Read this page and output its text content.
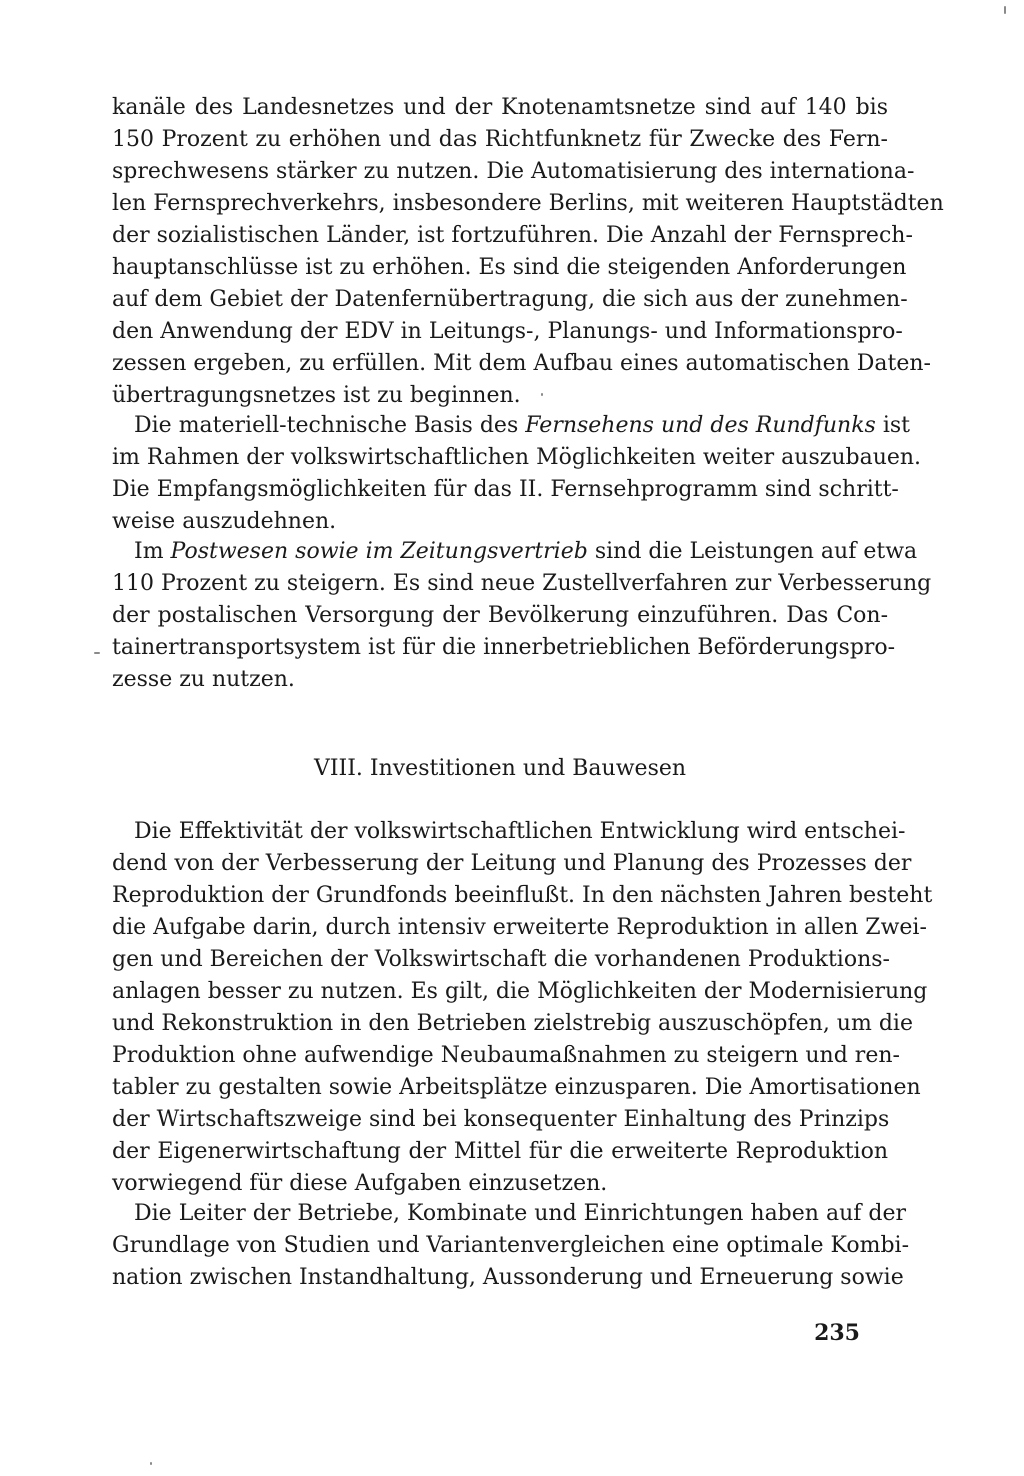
kanäle des Landesnetzes und der Knotenamtsnetze sind auf 140 bis
150 Prozent zu erhöhen und das Richtfunknetz für Zwecke des Fern-
sprechwesens stärker zu nutzen. Die Automatisierung des internationa-
len Fernsprechverkehrs, insbesondere Berlins, mit weiteren Hauptstädten
der sozialistischen Länder, ist fortzuführen. Die Anzahl der Fernsprech-
hauptanschlüsse ist zu erhöhen. Es sind die steigenden Anforderungen
auf dem Gebiet der Datenfernübertragung, die sich aus der zunehmen-
den Anwendung der EDV in Leitungs-, Planungs- und Informationspro-
zessen ergeben, zu erfüllen. Mit dem Aufbau eines automatischen Daten-
übertragungsnetzes ist zu beginnen.
Die materiell-technische Basis des Fernsehens und des Rundfunks ist
im Rahmen der volkswirtschaftlichen Möglichkeiten weiter auszubauen.
Die Empfangsmöglichkeiten für das II. Fernsehprogramm sind schritt-
weise auszudehnen.
Im Postwesen sowie im Zeitungsvertrieb sind die Leistungen auf etwa
110 Prozent zu steigern. Es sind neue Zustellverfahren zur Verbesserung
der postalischen Versorgung der Bevölkerung einzuführen. Das Con-
tainertransportsystem ist für die innerbetrieblichen Beförderungspro-
zesse zu nutzen.
VIII. Investitionen und Bauwesen
Die Effektivität der volkswirtschaftlichen Entwicklung wird entschei-
dend von der Verbesserung der Leitung und Planung des Prozesses der
Reproduktion der Grundfonds beeinflußt. In den nächsten Jahren besteht
die Aufgabe darin, durch intensiv erweiterte Reproduktion in allen Zwei-
gen und Bereichen der Volkswirtschaft die vorhandenen Produktions-
anlagen besser zu nutzen. Es gilt, die Möglichkeiten der Modernisierung
und Rekonstruktion in den Betrieben zielstrebig auszuschöpfen, um die
Produktion ohne aufwendige Neubaumaßnahmen zu steigern und ren-
tabler zu gestalten sowie Arbeitsplätze einzusparen. Die Amortisationen
der Wirtschaftszweige sind bei konsequenter Einhaltung des Prinzips
der Eigenerwirtschaftung der Mittel für die erweiterte Reproduktion
vorwiegend für diese Aufgaben einzusetzen.
Die Leiter der Betriebe, Kombinate und Einrichtungen haben auf der
Grundlage von Studien und Variantenvergleichen eine optimale Kombi-
nation zwischen Instandhaltung, Aussonderung und Erneuerung sowie
235
